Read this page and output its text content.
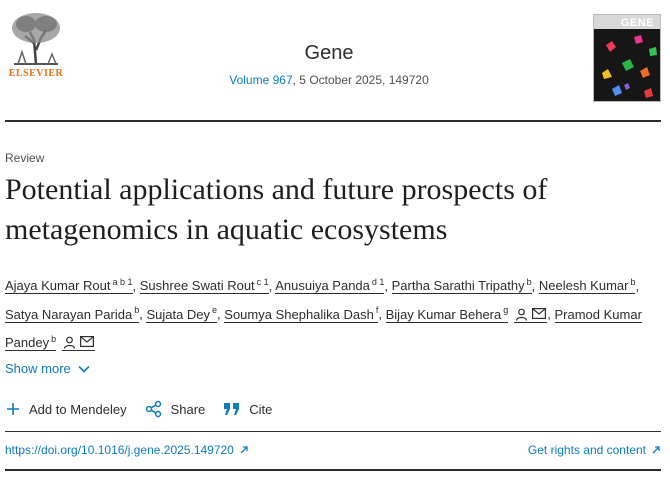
ELSEVIER
Gene
Volume 967, 5 October 2025, 149720
GENE
Review
Potential applications and future prospects of metagenomics in aquatic ecosystems
Ajaya Kumar Rout $^{a b 1}$, Sushree Swati Rout $^{c 1}$, Anusuiya Panda $^{d 1}$, Partha Sarathi Tripathy $^b$, Neelesh Kumar $^b$, Satya Narayan Parida $^b$, Sujata Dey $^e$, Soumya Shephalika Dash $^f$, Bijay Kumar Behera $^g$	, Pramod Kumar Pandey $^b$
Show more
Add to Mendeley	Share	Cite
https://doi.org/10.1016/j.gene.2025.149720	Get rights and content
